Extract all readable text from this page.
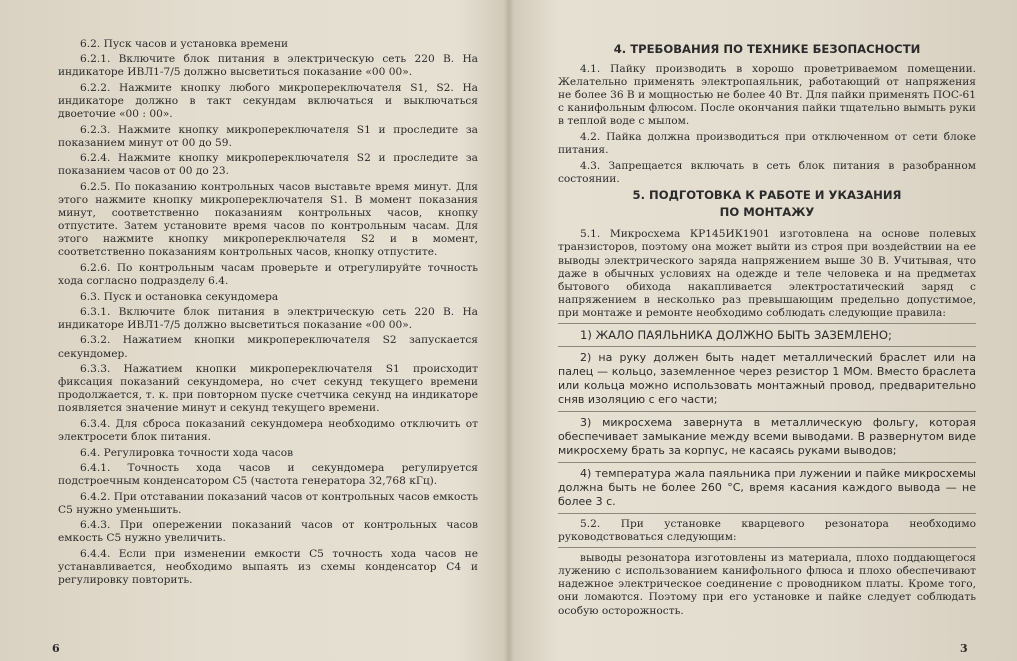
6.2. Пуск часов и установка времени

6.2.1. Включите блок питания в электрическую сеть 220 В. На индикаторе ИВЛ1-7/5 должно высветиться показание «00 00».

6.2.2. Нажмите кнопку любого микропереключателя S1, S2. На индикаторе должно в такт секундам включаться и выключаться двоеточие «00 : 00».

6.2.3. Нажмите кнопку микропереключателя S1 и проследите за показанием минут от 00 до 59.

6.2.4. Нажмите кнопку микропереключателя S2 и проследите за показанием часов от 00 до 23.

6.2.5. По показанию контрольных часов выставьте время минут. Для этого нажмите кнопку микропереключателя S1. В момент показания минут, соответственно показаниям контрольных часов, кнопку отпустите. Затем установите время часов по контрольным часам. Для этого нажмите кнопку микропереключателя S2 и в момент, соответственно показаниям контрольных часов, кнопку отпустите.

6.2.6. По контрольным часам проверьте и отрегулируйте точность хода согласно подразделу 6.4.

6.3. Пуск и остановка секундомера

6.3.1. Включите блок питания в электрическую сеть 220 В. На индикаторе ИВЛ1-7/5 должно высветиться показание «00 00».

6.3.2. Нажатием кнопки микропереключателя S2 запускается секундомер.

6.3.3. Нажатием кнопки микропереключателя S1 происходит фиксация показаний секундомера, но счет секунд текущего времени продолжается, т. к. при повторном пуске счетчика секунд на индикаторе появляется значение минут и секунд текущего времени.

6.3.4. Для сброса показаний секундомера необходимо отключить от электросети блок питания.

6.4. Регулировка точности хода часов

6.4.1. Точность хода часов и секундомера регулируется подстроечным конденсатором С5 (частота генератора 32,768 кГц).

6.4.2. При отставании показаний часов от контрольных часов емкость С5 нужно уменьшить.

6.4.3. При опережении показаний часов от контрольных часов емкость С5 нужно увеличить.

6.4.4. Если при изменении емкости С5 точность хода часов не устанавливается, необходимо выпаять из схемы конденсатор С4 и регулировку повторить.

4. ТРЕБОВАНИЯ ПО ТЕХНИКЕ БЕЗОПАСНОСТИ

4.1. Пайку производить в хорошо проветриваемом помещении. Желательно применять электропаяльник, работающий от напряжения не более 36 В и мощностью не более 40 Вт. Для пайки применять ПОС-61 с канифольным флюсом. После окончания пайки тщательно вымыть руки в теплой воде с мылом.

4.2. Пайка должна производиться при отключенном от сети блоке питания.

4.3. Запрещается включать в сеть блок питания в разобранном состоянии.

5. ПОДГОТОВКА К РАБОТЕ И УКАЗАНИЯ
ПО МОНТАЖУ

5.1. Микросхема КР145ИК1901 изготовлена на основе полевых транзисторов, поэтому она может выйти из строя при воздействии на ее выводы электрического заряда напряжением выше 30 В. Учитывая, что даже в обычных условиях на одежде и теле человека и на предметах бытового обихода накапливается электростатический заряд с напряжением в несколько раз превышающим предельно допустимое, при монтаже и ремонте необходимо соблюдать следующие правила:

1) ЖАЛО ПАЯЛЬНИКА ДОЛЖНО БЫТЬ ЗАЗЕМЛЕНО;

2) на руку должен быть надет металлический браслет или на палец — кольцо, заземленное через резистор 1 МОм. Вместо браслета или кольца можно использовать монтажный провод, предварительно сняв изоляцию с его части;

3) микросхема завернута в металлическую фольгу, которая обеспечивает замыкание между всеми выводами. В развернутом виде микросхему брать за корпус, не касаясь руками выводов;

4) температура жала паяльника при лужении и пайке микросхемы должна быть не более 260 °С, время касания каждого вывода — не более 3 с.

5.2. При установке кварцевого резонатора необходимо руководствоваться следующим:

выводы резонатора изготовлены из материала, плохо поддающегося лужению с использованием канифольного флюса и плохо обеспечивают надежное электрическое соединение с проводником платы. Кроме того, они ломаются. Поэтому при его установке и пайке следует соблюдать особую осторожность.

6	3
